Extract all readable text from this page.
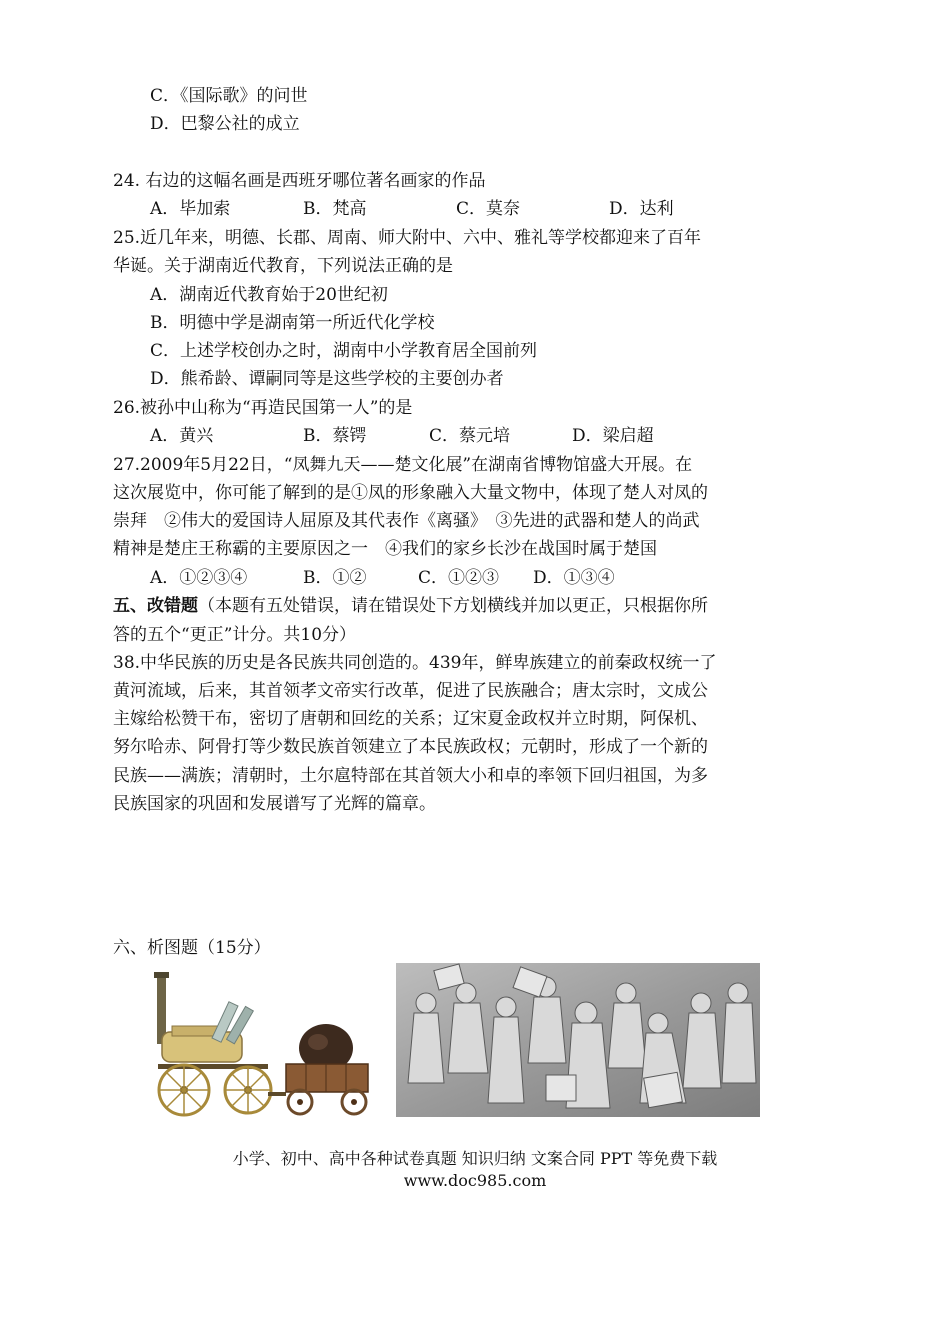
C．《国际歌》的问世
D．巴黎公社的成立
24. 右边的这幅名画是西班牙哪位著名画家的作品
A．毕加索	B．梵高	C．莫奈	D．达利
25.近几年来，明德、长郡、周南、师大附中、六中、雅礼等学校都迎来了百年
华诞。关于湖南近代教育，下列说法正确的是
A．湖南近代教育始于20世纪初
B．明德中学是湖南第一所近代化学校
C．上述学校创办之时，湖南中小学教育居全国前列
D．熊希龄、谭嗣同等是这些学校的主要创办者
26.被孙中山称为“再造民国第一人”的是
A．黄兴	B．蔡锷	C．蔡元培	D．梁启超
27.2009年5月22日，“凤舞九天——楚文化展”在湖南省博物馆盛大开展。在
这次展览中，你可能了解到的是①凤的形象融入大量文物中，体现了楚人对凤的
崇拜　②伟大的爱国诗人屈原及其代表作《离骚》　③先进的武器和楚人的尚武
精神是楚庄王称霸的主要原因之一　④我们的家乡长沙在战国时属于楚国
A．①②③④	B．①②	C．①②③ D．①③④
五、改错题（本题有五处错误，请在错误处下方划横线并加以更正，只根据你所
答的五个“更正”计分。共10分）
38.中华民族的历史是各民族共同创造的。439年，鲜卑族建立的前秦政权统一了
黄河流域，后来，其首领孝文帝实行改革，促进了民族融合；唐太宗时，文成公
主嫁给松赞干布，密切了唐朝和回纥的关系；辽宋夏金政权并立时期，阿保机、
努尔哈赤、阿骨打等少数民族首领建立了本民族政权；元朝时，形成了一个新的
民族——满族；清朝时，土尔扈特部在其首领大小和卓的率领下回归祖国，为多
民族国家的巩固和发展谱写了光辉的篇章。
六、析图题（15分）
小学、初中、高中各种试卷真题 知识归纳 文案合同 PPT 等免费下载
www.doc985.com
